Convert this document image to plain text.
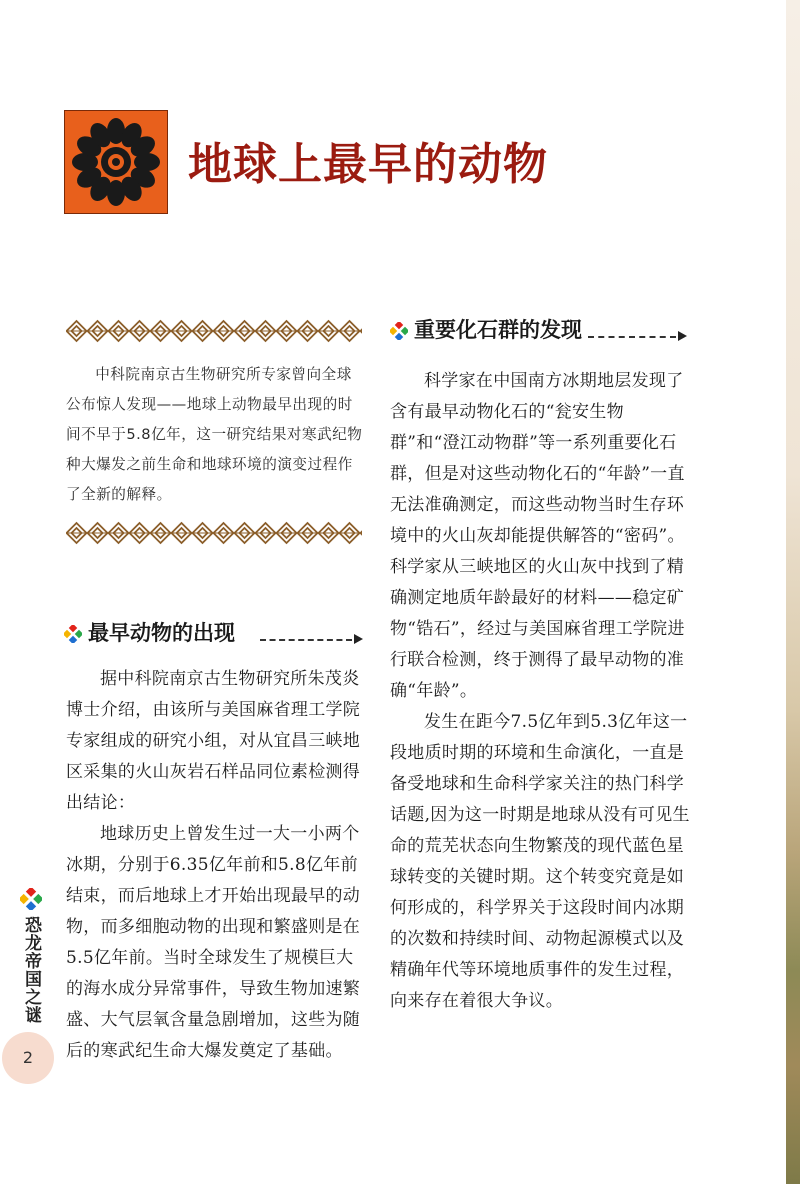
地球上最早的动物
中科院南京古生物研究所专家曾向全球公布惊人发现——地球上动物最早出现的时间不早于5.8亿年，这一研究结果对寒武纪物种大爆发之前生命和地球环境的演变过程作了全新的解释。
最早动物的出现

据中科院南京古生物研究所朱茂炎博士介绍，由该所与美国麻省理工学院专家组成的研究小组，对从宜昌三峡地区采集的火山灰岩石样品同位素检测得出结论：

地球历史上曾发生过一大一小两个冰期，分别于6.35亿年前和5.8亿年前结束，而后地球上才开始出现最早的动物，而多细胞动物的出现和繁盛则是在5.5亿年前。当时全球发生了规模巨大的海水成分异常事件，导致生物加速繁盛、大气层氧含量急剧增加，这些为随后的寒武纪生命大爆发奠定了基础。

重要化石群的发现

科学家在中国南方冰期地层发现了含有最早动物化石的“瓮安生物群”和“澄江动物群”等一系列重要化石群，但是对这些动物化石的“年龄”一直无法准确测定，而这些动物当时生存环境中的火山灰却能提供解答的“密码”。科学家从三峡地区的火山灰中找到了精确测定地质年龄最好的材料——稳定矿物“锆石”，经过与美国麻省理工学院进行联合检测，终于测得了最早动物的准确“年龄”。

发生在距今7.5亿年到5.3亿年这一段地质时期的环境和生命演化，一直是备受地球和生命科学家关注的热门科学话题,因为这一时期是地球从没有可见生命的荒芜状态向生物繁茂的现代蓝色星球转变的关键时期。这个转变究竟是如何形成的，科学界关于这段时间内冰期的次数和持续时间、动物起源模式以及精确年代等环境地质事件的发生过程，向来存在着很大争议。

恐龙帝国之谜
2
